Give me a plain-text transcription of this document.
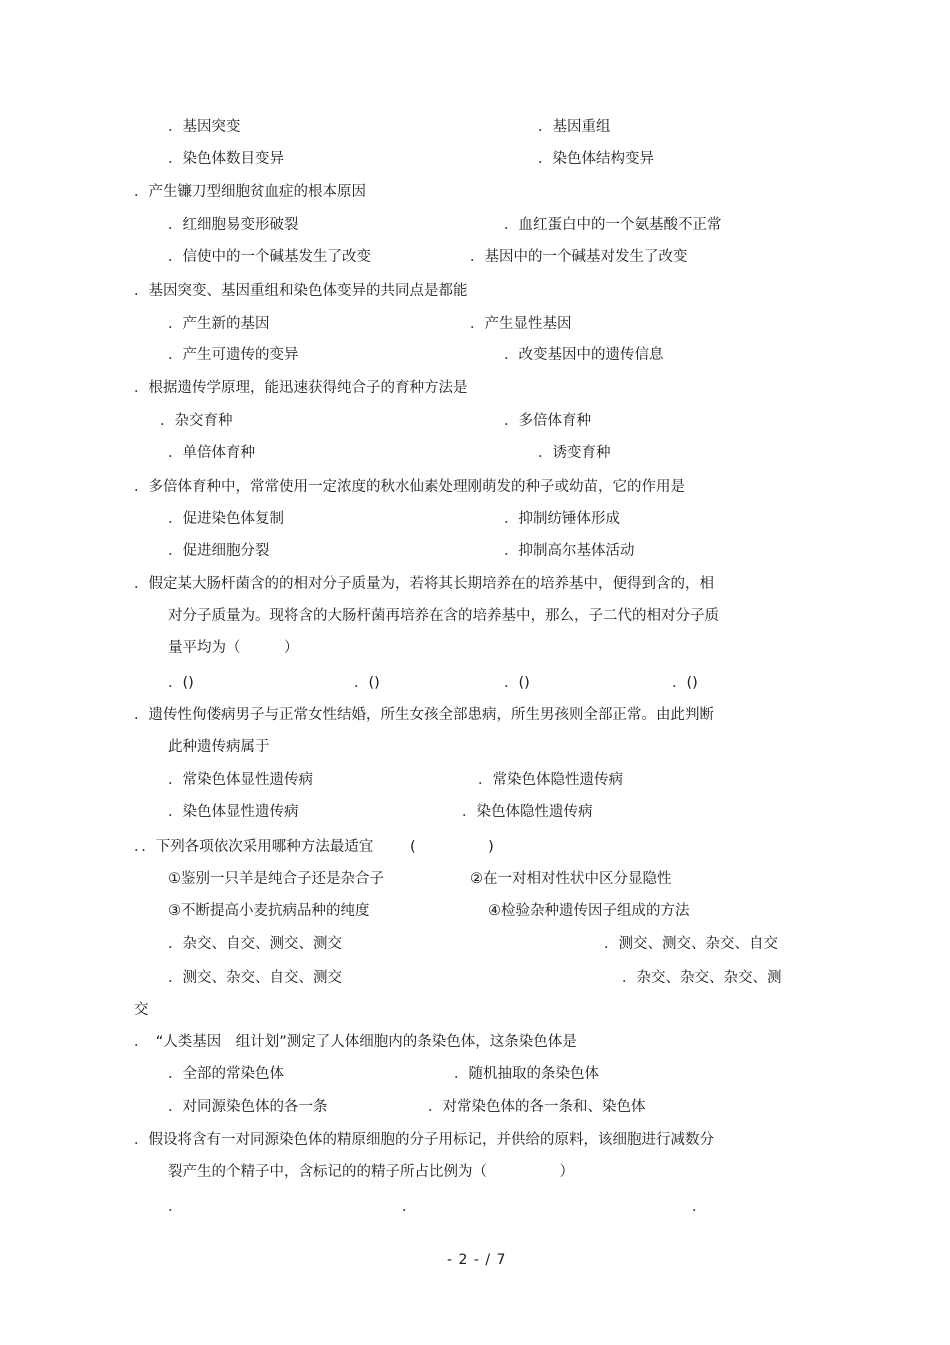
．基因突变	．基因重组
．染色体数目变异	．染色体结构变异
．产生镰刀型细胞贫血症的根本原因
．红细胞易变形破裂	．血红蛋白中的一个氨基酸不正常
．信使中的一个碱基发生了改变	．基因中的一个碱基对发生了改变
．基因突变、基因重组和染色体变异的共同点是都能
．产生新的基因	．产生显性基因
．产生可遗传的变异	．改变基因中的遗传信息
．根据遗传学原理，能迅速获得纯合子的育种方法是
．杂交育种	．多倍体育种
．单倍体育种	．诱变育种
．多倍体育种中，常常使用一定浓度的秋水仙素处理刚萌发的种子或幼苗，它的作用是
．促进染色体复制	．抑制纺锤体形成
．促进细胞分裂	．抑制高尔基体活动
．假定某大肠杆菌含的的相对分子质量为，若将其长期培养在的培养基中，便得到含的，相
对分子质量为。现将含的大肠杆菌再培养在含的培养基中，那么，子二代的相对分子质
量平均为（　　　）
．()	．()	．()	．()
．遗传性佝偻病男子与正常女性结婚，所生女孩全部患病，所生男孩则全部正常。由此判断
此种遗传病属于
．常染色体显性遗传病	．常染色体隐性遗传病
．染色体显性遗传病	．染色体隐性遗传病
．．下列各项依次采用哪种方法最适宜	(　　　　　)
①鉴别一只羊是纯合子还是杂合子	②在一对相对性状中区分显隐性
③不断提高小麦抗病品种的纯度	④检验杂种遗传因子组成的方法
．杂交、自交、测交、测交	．测交、测交、杂交、自交
．测交、杂交、自交、测交	．杂交、杂交、杂交、测
交
．　“人类基因　组计划”测定了人体细胞内的条染色体，这条染色体是
．全部的常染色体	．随机抽取的条染色体
．对同源染色体的各一条	．对常染色体的各一条和、染色体
．假设将含有一对同源染色体的精原细胞的分子用标记，并供给的原料，该细胞进行减数分
裂产生的个精子中，含标记的的精子所占比例为（　　　　　）
．	．	．
- 2 - / 7
